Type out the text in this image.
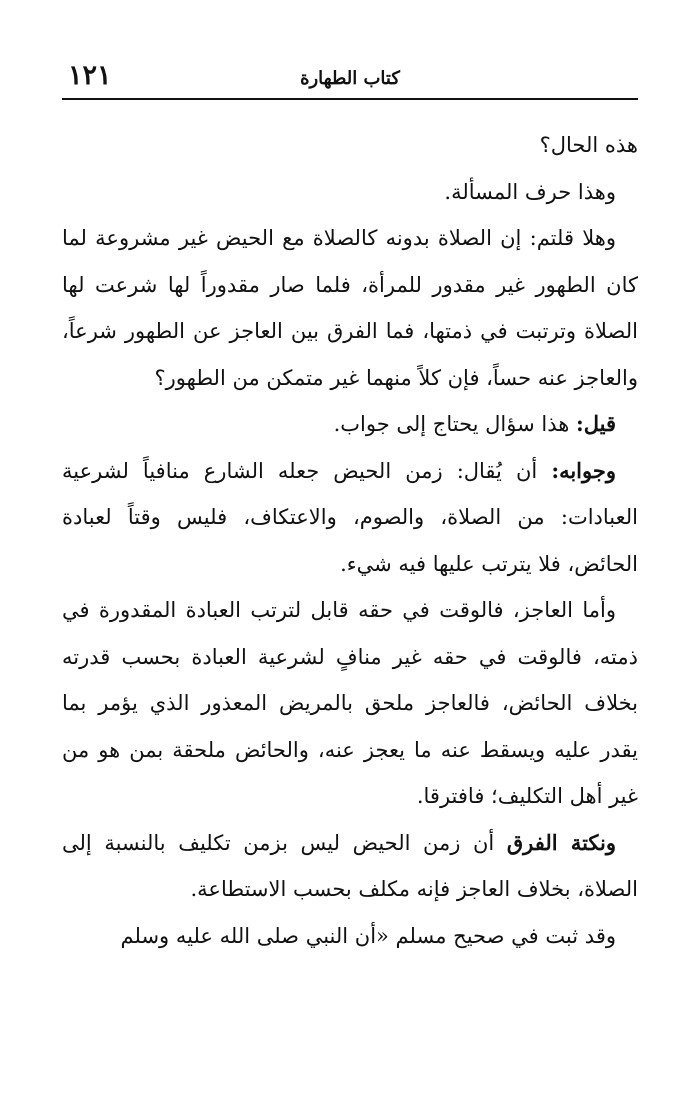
١٢١	كتاب الطهارة

هذه الحال؟

وهذا حرف المسألة.

وهلا قلتم: إن الصلاة بدونه كالصلاة مع الحيض غير مشروعة لما كان الطهور غير مقدور للمرأة، فلما صار مقدوراً لها شرعت لها الصلاة وترتبت في ذمتها، فما الفرق بين العاجز عن الطهور شرعاً، والعاجز عنه حساً، فإن كلاً منهما غير متمكن من الطهور؟

قيل: هذا سؤال يحتاج إلى جواب.

وجوابه: أن يُقال: زمن الحيض جعله الشارع منافياً لشرعية العبادات: من الصلاة، والصوم، والاعتكاف، فليس وقتاً لعبادة الحائض، فلا يترتب عليها فيه شيء.

وأما العاجز، فالوقت في حقه قابل لترتب العبادة المقدورة في ذمته، فالوقت في حقه غير منافٍ لشرعية العبادة بحسب قدرته بخلاف الحائض، فالعاجز ملحق بالمريض المعذور الذي يؤمر بما يقدر عليه ويسقط عنه ما يعجز عنه، والحائض ملحقة بمن هو من غير أهل التكليف؛ فافترقا.

ونكتة الفرق أن زمن الحيض ليس بزمن تكليف بالنسبة إلى الصلاة، بخلاف العاجز فإنه مكلف بحسب الاستطاعة.

وقد ثبت في صحيح مسلم «أن النبي صلى الله عليه وسلم
